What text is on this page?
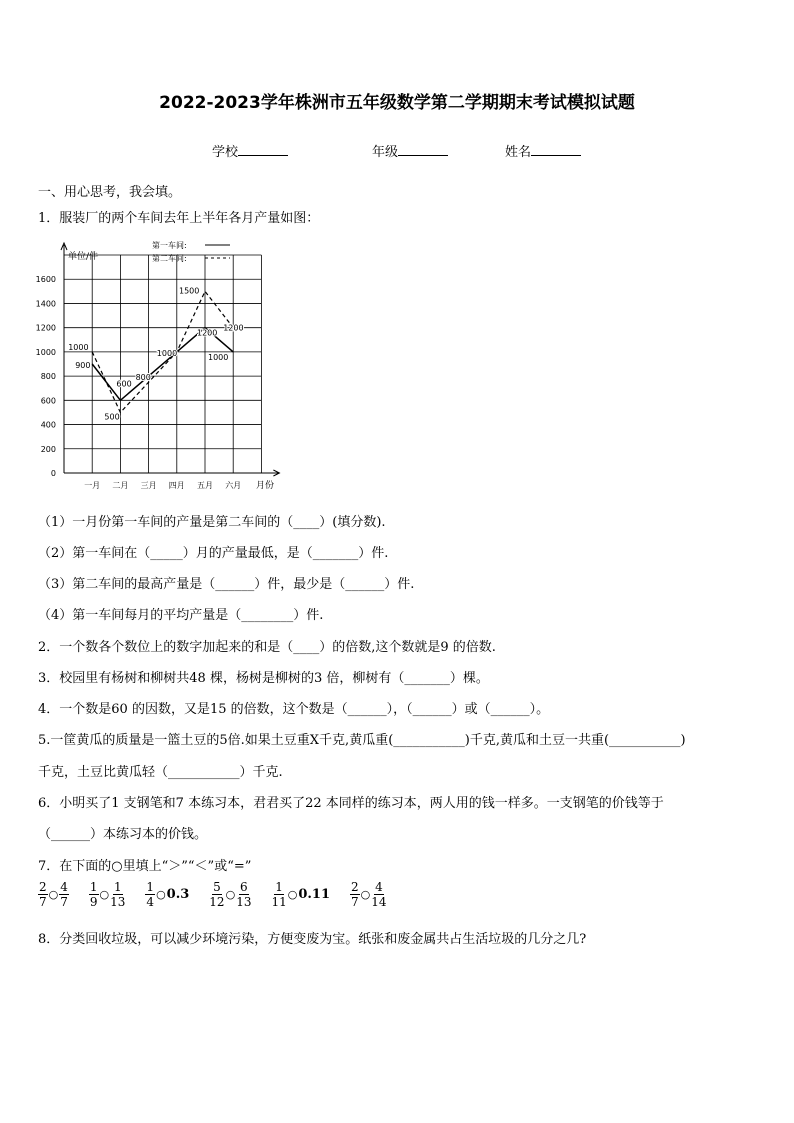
2022-2023学年株洲市五年级数学第二学期期末考试模拟试题
学校	年级	姓名
一、用心思考，我会填。
1．服装厂的两个车间去年上半年各月产量如图：
0
200
400
600
800
1000
1200
1400
1600
一月 二月 三月 四月 五月 六月
1000
900
600
800
500
1000
1500
1200
1200
1000
第一车间:
第二车间:
单位/件
月份
（1）一月份第一车间的产量是第二车间的（____）(填分数).
（2）第一车间在（_____）月的产量最低，是（_______）件.
（3）第二车间的最高产量是（______）件，最少是（______）件.
（4）第一车间每月的平均产量是（________）件.
2．一个数各个数位上的数字加起来的和是（____）的倍数,这个数就是9 的倍数.
3．校园里有杨树和柳树共48 棵，杨树是柳树的3 倍，柳树有（_______）棵。
4．一个数是60 的因数，又是15 的倍数，这个数是（______），（______）或（______）。
5.一筐黄瓜的质量是一篮土豆的5倍.如果土豆重X千克,黄瓜重(___________)千克,黄瓜和土豆一共重(___________)
千克，土豆比黄瓜轻（___________）千克.
6．小明买了1 支钢笔和7 本练习本，君君买了22 本同样的练习本，两人用的钱一样多。一支钢笔的价钱等于
（______）本练习本的价钱。
7．在下面的○里填上“＞”“＜”或“=”
$\frac{2}{7}$ ○ $\frac{4}{7} \frac{1}{9}$ ○ $\frac{1}{13} \frac{1}{4}$ ○ $0.3 \frac{5}{12}$ ○ $\frac{6}{13} \frac{1}{11}$ ○ $0.11 \frac{2}{7}$ ○ $\frac{4}{14}$
8．分类回收垃圾，可以减少环境污染，方便变废为宝。纸张和废金属共占生活垃圾的几分之几?
